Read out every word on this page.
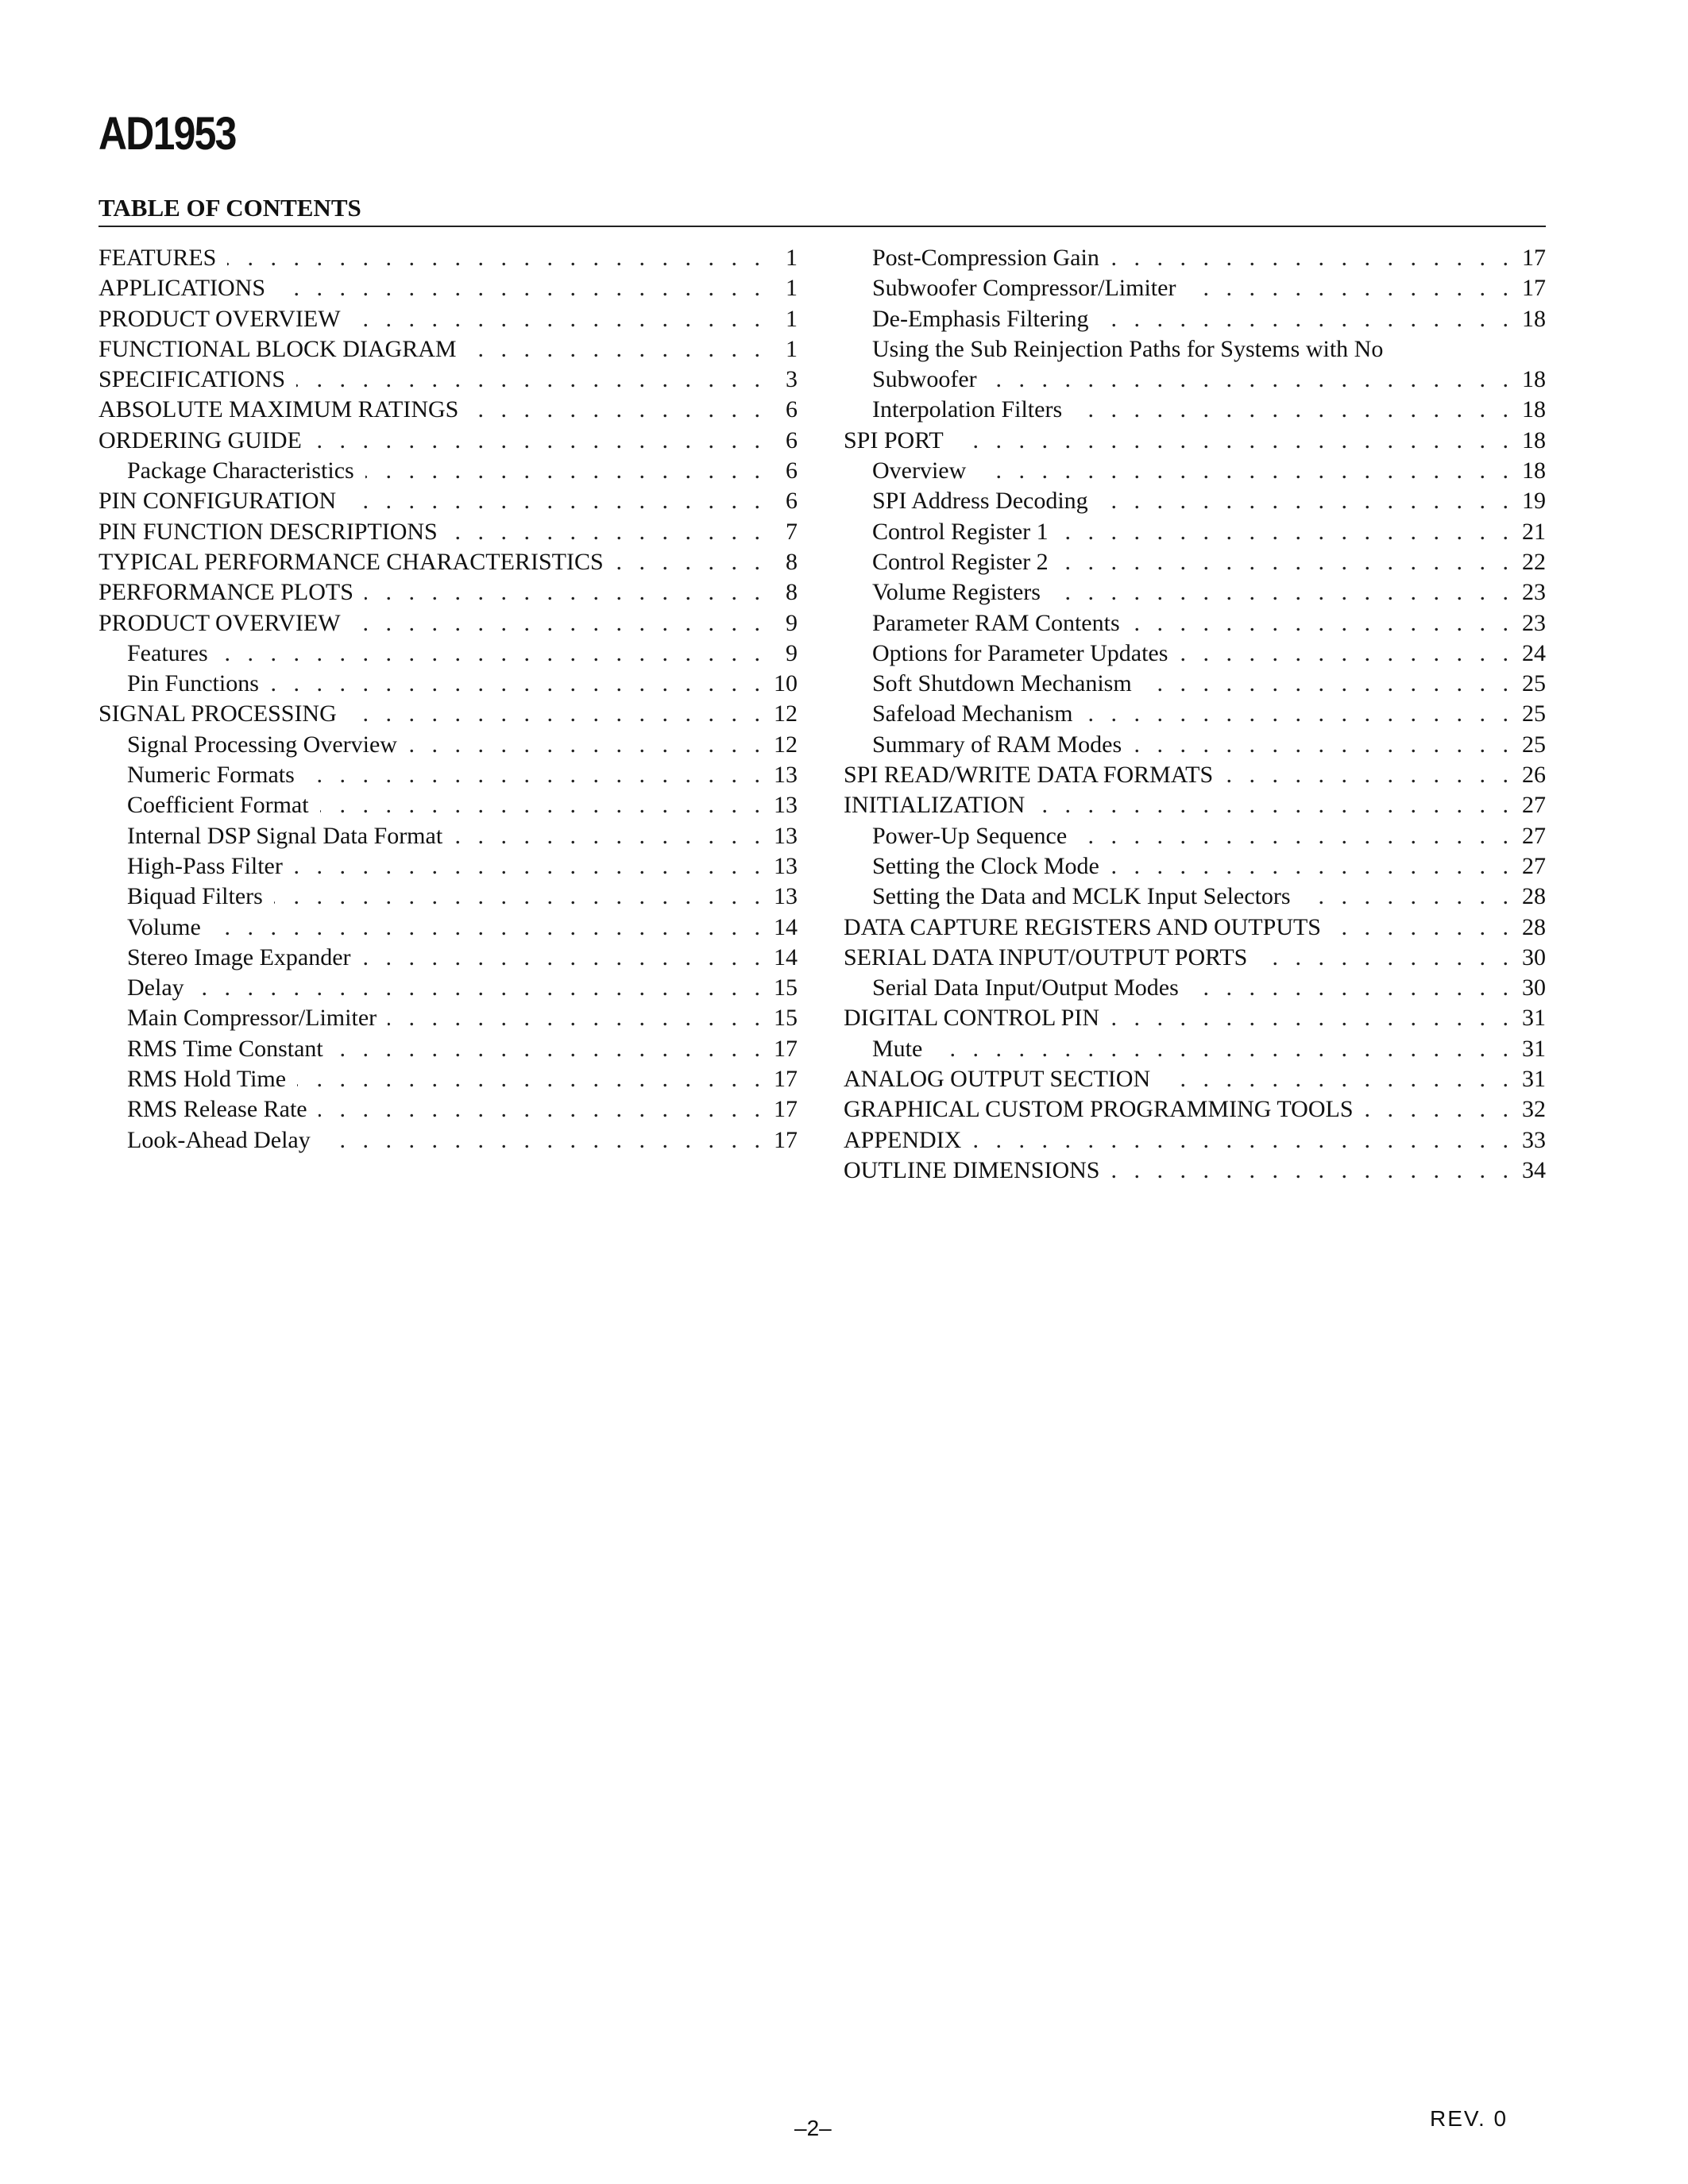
AD1953
TABLE OF CONTENTS
FEATURES . . .	1
APPLICATIONS . . .	1
PRODUCT OVERVIEW . . .	1
FUNCTIONAL BLOCK DIAGRAM . . .	1
SPECIFICATIONS . . .	3
ABSOLUTE MAXIMUM RATINGS . . .	6
ORDERING GUIDE . . .	6
Package Characteristics . . .	6
PIN CONFIGURATION . . .	6
PIN FUNCTION DESCRIPTIONS . . .	7
TYPICAL PERFORMANCE CHARACTERISTICS . . .	8
PERFORMANCE PLOTS . . .	8
PRODUCT OVERVIEW . . .	9
Features . . .	9
Pin Functions . . .	10
SIGNAL PROCESSING . . .	12
Signal Processing Overview . . .	12
Numeric Formats . . .	13
Coefficient Format . . .	13
Internal DSP Signal Data Format . . .	13
High-Pass Filter . . .	13
Biquad Filters . . .	13
Volume . . .	14
Stereo Image Expander . . .	14
Delay . . .	15
Main Compressor/Limiter . . .	15
RMS Time Constant . . .	17
RMS Hold Time . . .	17
RMS Release Rate . . .	17
Look-Ahead Delay . . .	17
Post-Compression Gain . . .	17
Subwoofer Compressor/Limiter . . .	17
De-Emphasis Filtering . . .	18
Using the Sub Reinjection Paths for Systems with No
Subwoofer . . .	18
Interpolation Filters . . .	18
SPI PORT . . .	18
Overview . . .	18
SPI Address Decoding . . .	19
Control Register 1 . . .	21
Control Register 2 . . .	22
Volume Registers . . .	23
Parameter RAM Contents . . .	23
Options for Parameter Updates . . .	24
Soft Shutdown Mechanism . . .	25
Safeload Mechanism . . .	25
Summary of RAM Modes . . .	25
SPI READ/WRITE DATA FORMATS . . .	26
INITIALIZATION . . .	27
Power-Up Sequence . . .	27
Setting the Clock Mode . . .	27
Setting the Data and MCLK Input Selectors . . .	28
DATA CAPTURE REGISTERS AND OUTPUTS . . .	28
SERIAL DATA INPUT/OUTPUT PORTS . . .	30
Serial Data Input/Output Modes . . .	30
DIGITAL CONTROL PIN . . .	31
Mute . . .	31
ANALOG OUTPUT SECTION . . .	31
GRAPHICAL CUSTOM PROGRAMMING TOOLS . . .	32
APPENDIX . . .	33
OUTLINE DIMENSIONS . . .	34
–2–	REV. 0
